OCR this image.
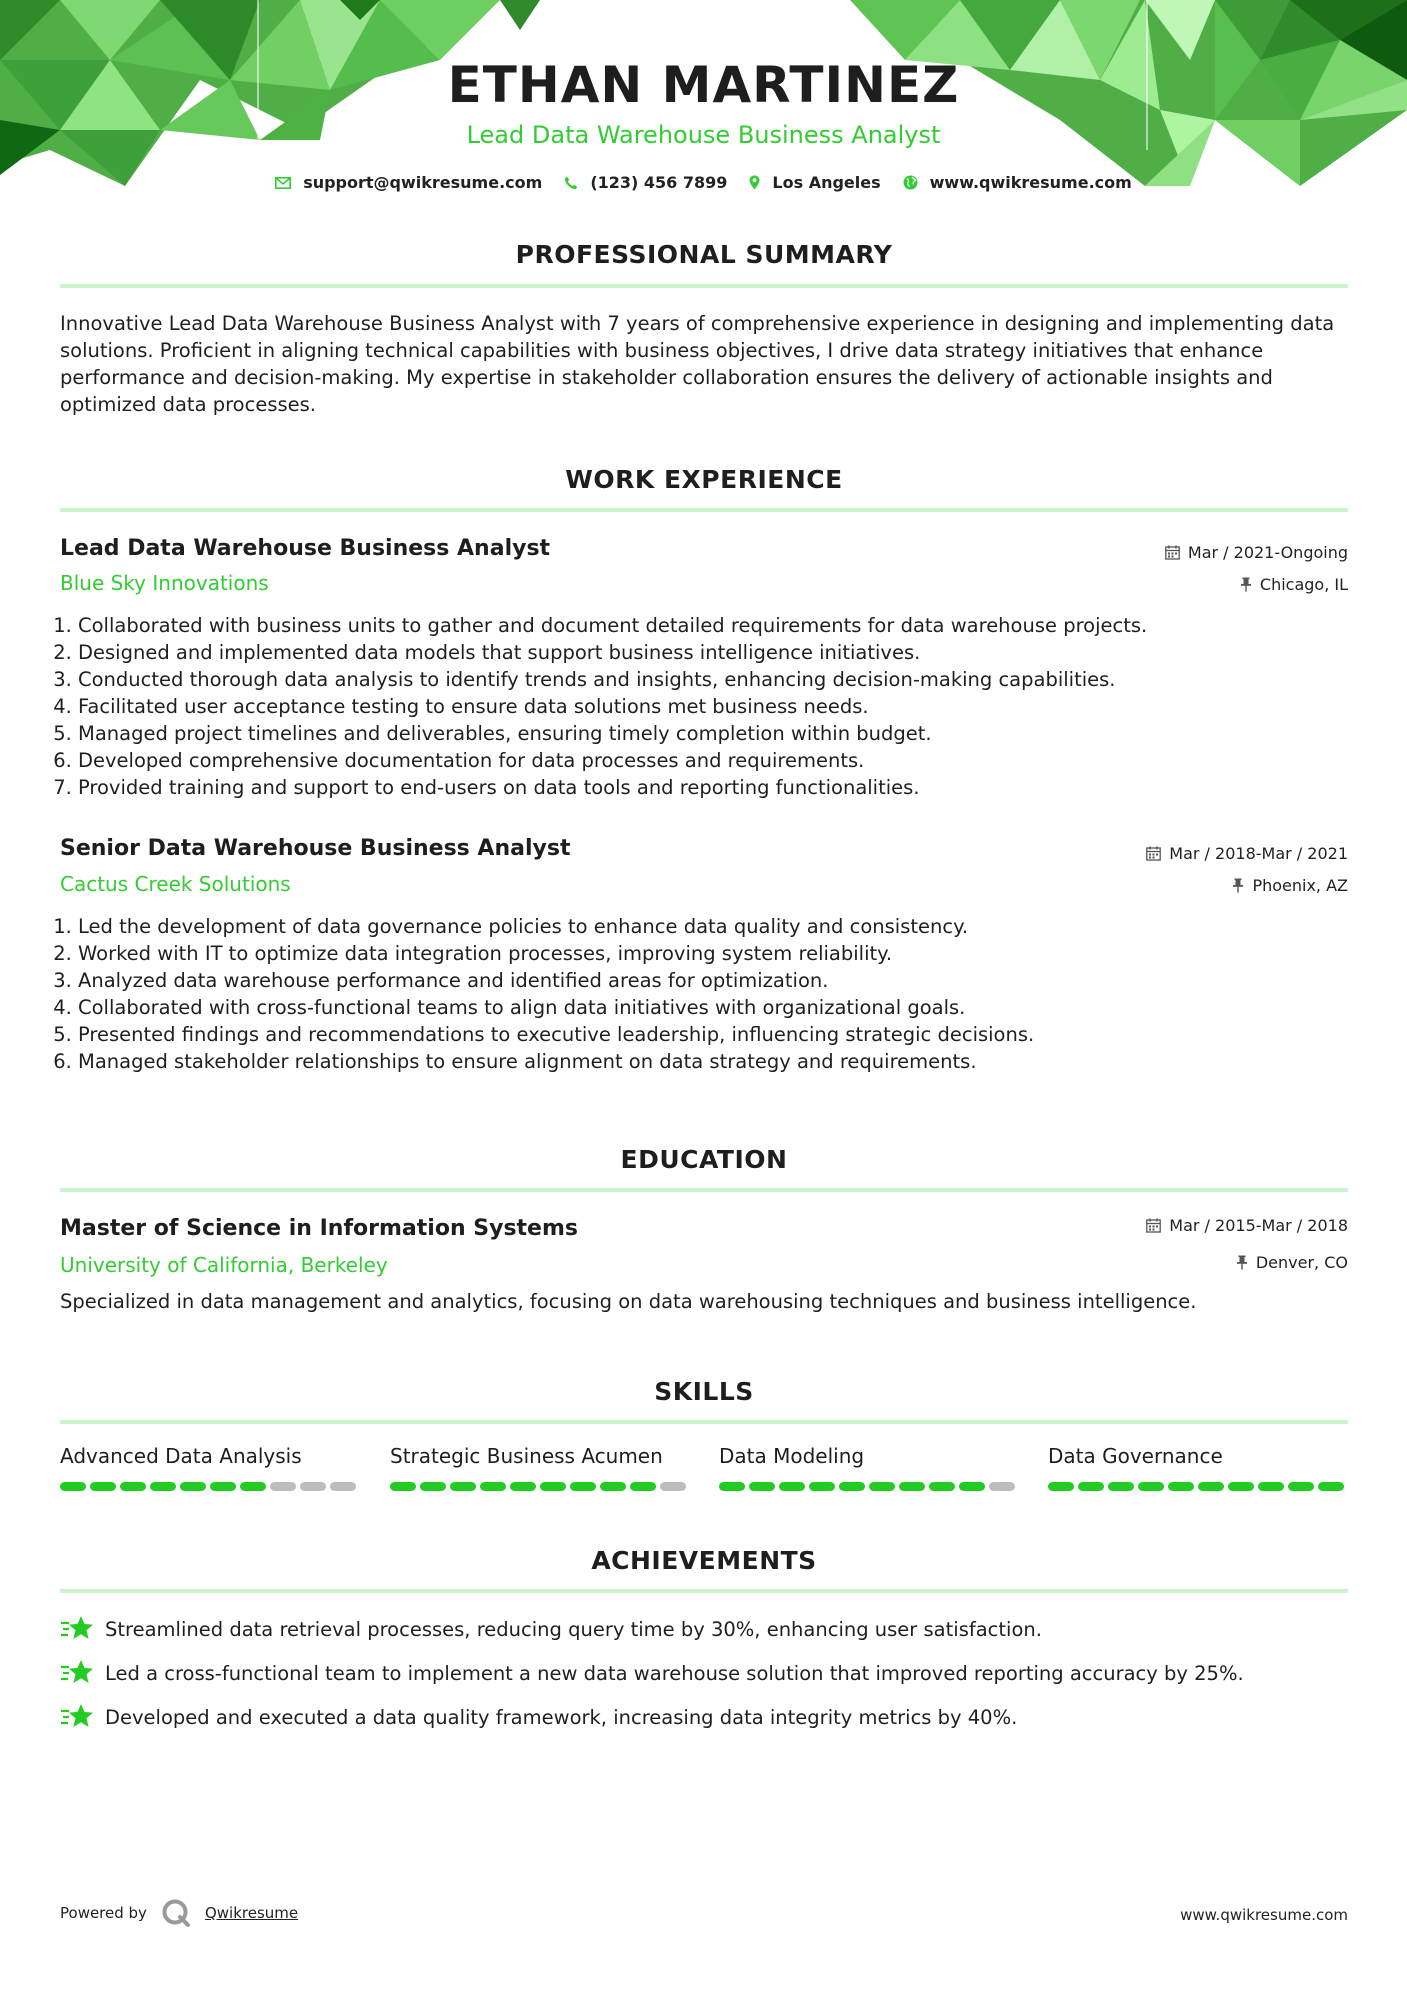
ETHAN MARTINEZ
Lead Data Warehouse Business Analyst
support@qwikresume.com	(123) 456 7899	Los Angeles	www.qwikresume.com
PROFESSIONAL SUMMARY

Innovative Lead Data Warehouse Business Analyst with 7 years of comprehensive experience in designing and implementing data solutions. Proficient in aligning technical capabilities with business objectives, I drive data strategy initiatives that enhance performance and decision-making. My expertise in stakeholder collaboration ensures the delivery of actionable insights and optimized data processes.

WORK EXPERIENCE
Lead Data Warehouse Business Analyst	Mar / 2021-Ongoing
Blue Sky Innovations	Chicago, IL
1. Collaborated with business units to gather and document detailed requirements for data warehouse projects.
2. Designed and implemented data models that support business intelligence initiatives.
3. Conducted thorough data analysis to identify trends and insights, enhancing decision-making capabilities.
4. Facilitated user acceptance testing to ensure data solutions met business needs.
5. Managed project timelines and deliverables, ensuring timely completion within budget.
6. Developed comprehensive documentation for data processes and requirements.
7. Provided training and support to end-users on data tools and reporting functionalities.
Senior Data Warehouse Business Analyst	Mar / 2018-Mar / 2021
Cactus Creek Solutions	Phoenix, AZ
1. Led the development of data governance policies to enhance data quality and consistency.
2. Worked with IT to optimize data integration processes, improving system reliability.
3. Analyzed data warehouse performance and identified areas for optimization.
4. Collaborated with cross-functional teams to align data initiatives with organizational goals.
5. Presented findings and recommendations to executive leadership, influencing strategic decisions.
6. Managed stakeholder relationships to ensure alignment on data strategy and requirements.
EDUCATION
Master of Science in Information Systems	Mar / 2015-Mar / 2018
University of California, Berkeley	Denver, CO

Specialized in data management and analytics, focusing on data warehousing techniques and business intelligence.

SKILLS
Advanced Data Analysis	Strategic Business Acumen	Data Modeling	Data Governance
ACHIEVEMENTS
Streamlined data retrieval processes, reducing query time by 30%, enhancing user satisfaction.
Led a cross-functional team to implement a new data warehouse solution that improved reporting accuracy by 25%.
Developed and executed a data quality framework, increasing data integrity metrics by 40%.
Powered by	Qwikresume	www.qwikresume.com
